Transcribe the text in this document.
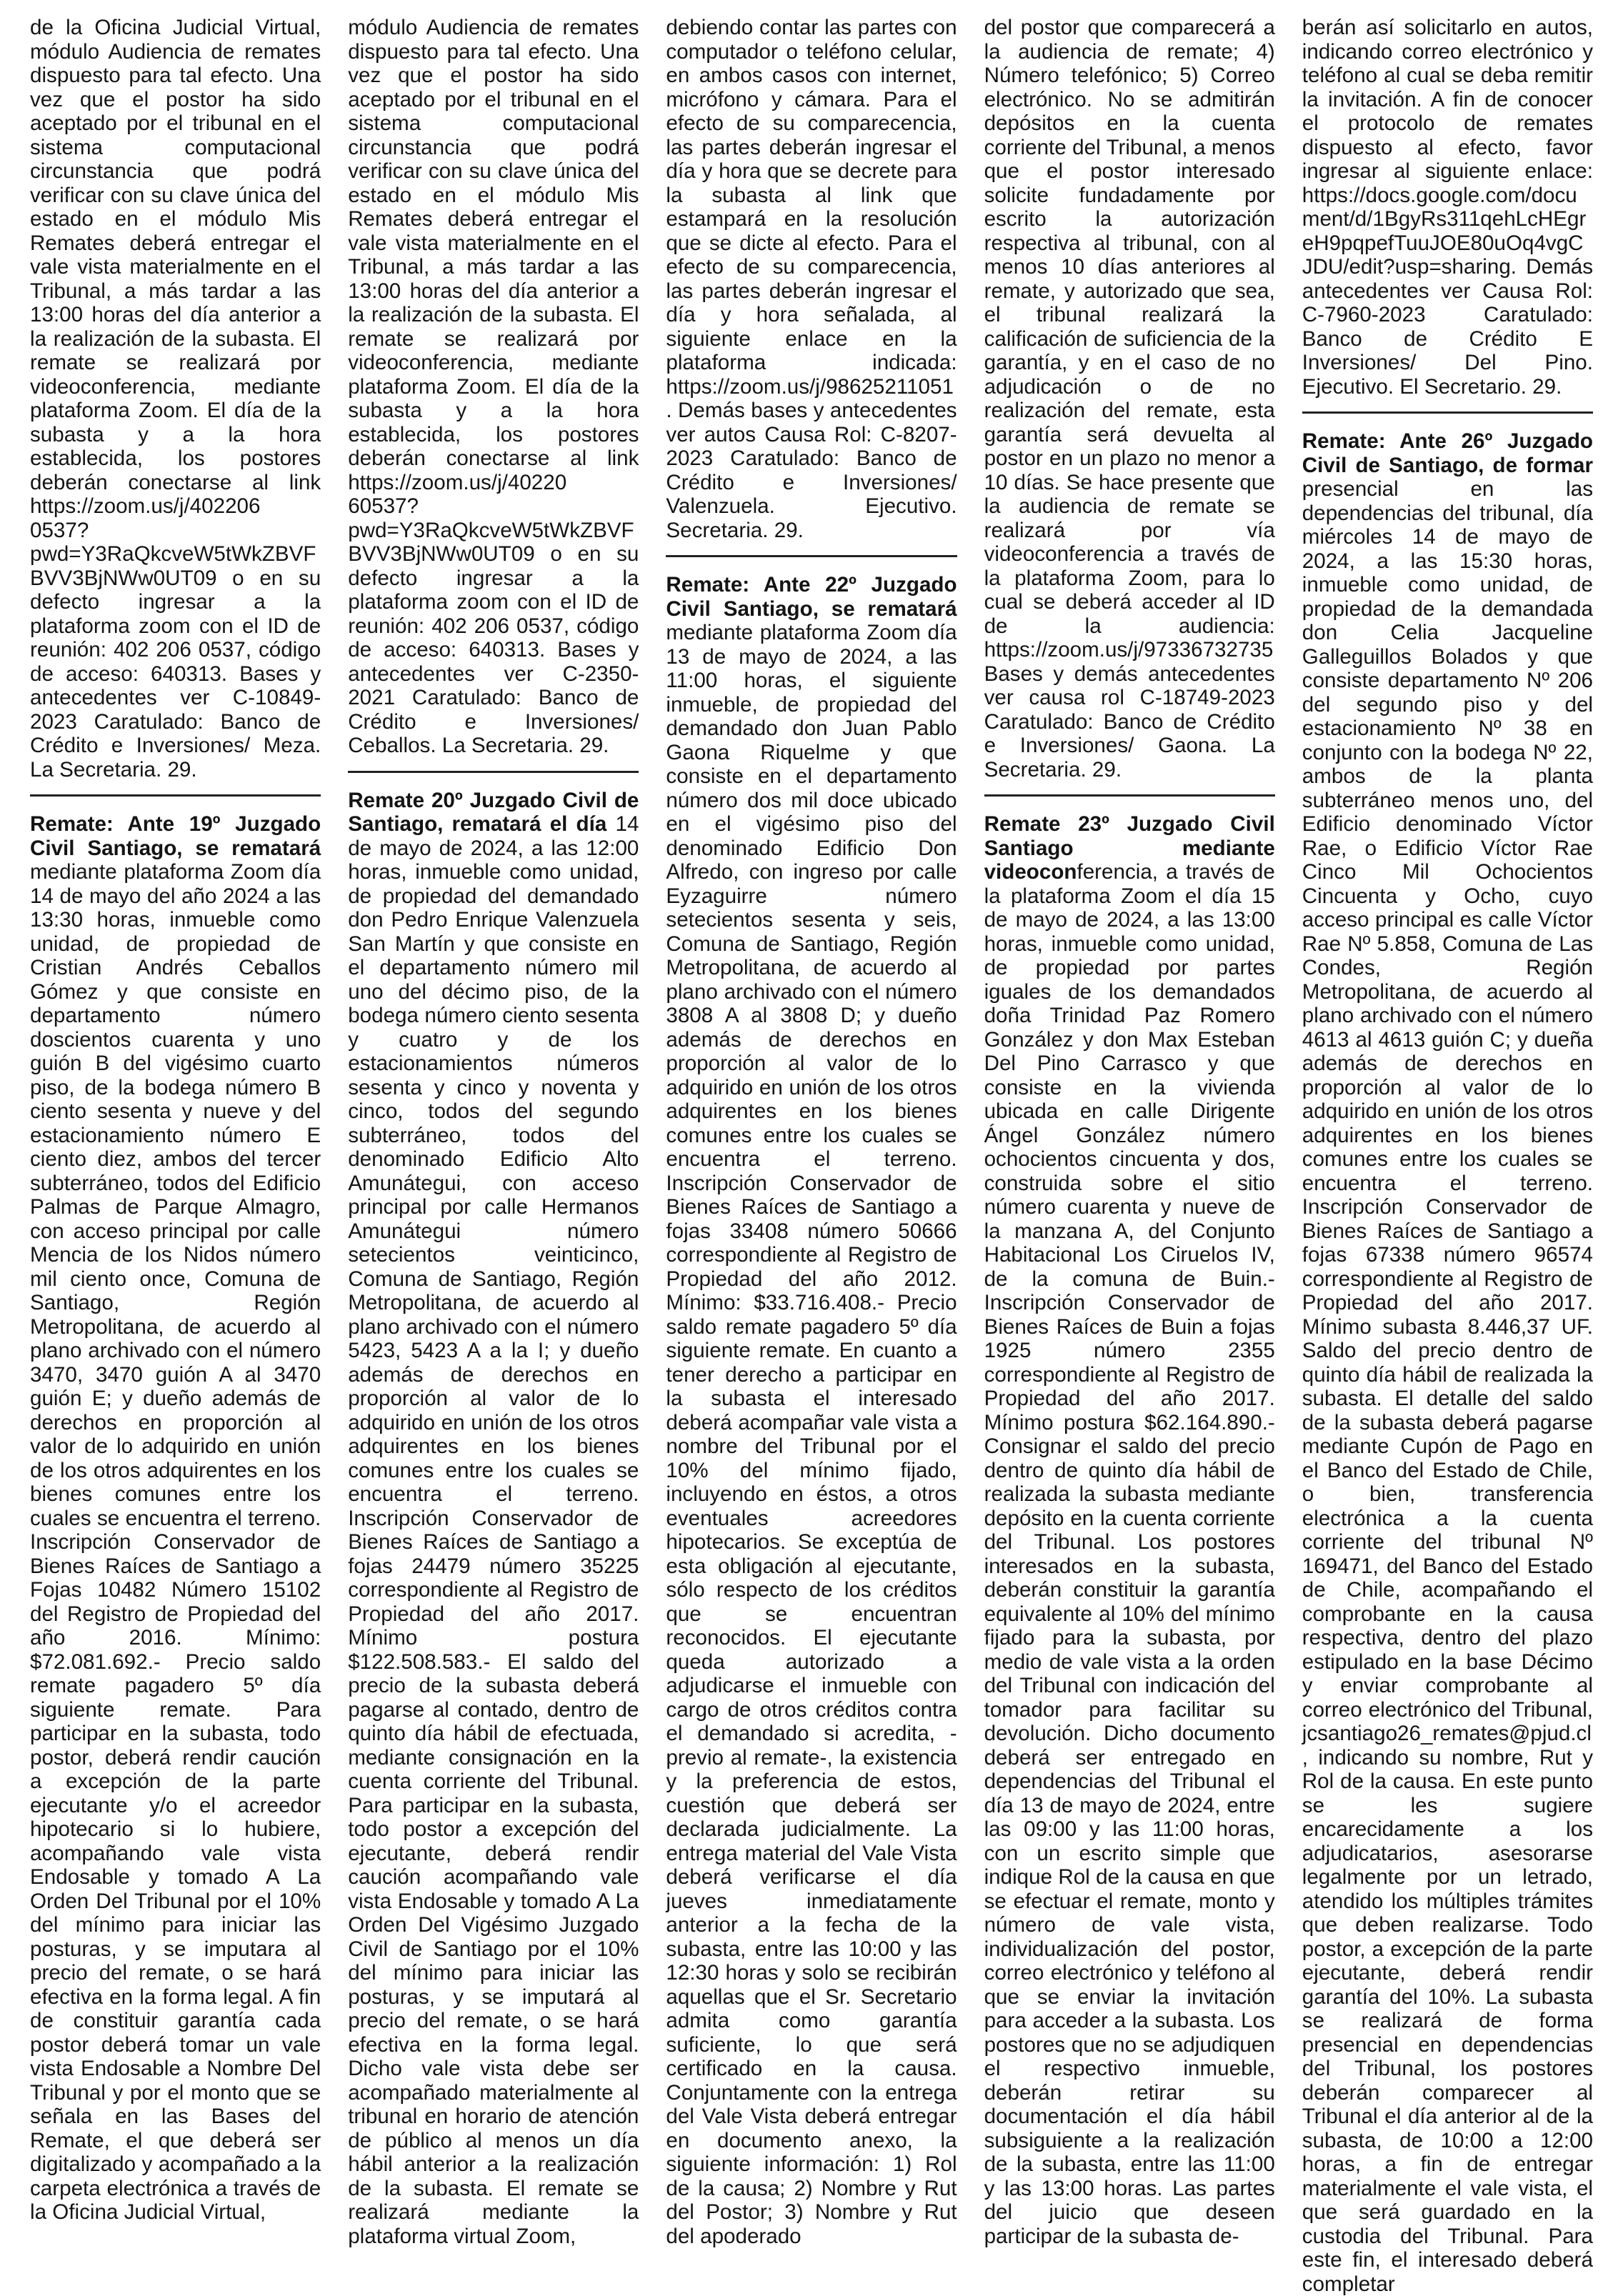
de la Oficina Judicial Virtual, módulo Audiencia de remates dispuesto para tal efecto. Una vez que el postor ha sido aceptado por el tribunal en el sistema computacional circunstancia que podrá verificar con su clave única del estado en el módulo Mis Remates deberá entregar el vale vista materialmente en el Tribunal, a más tardar a las 13:00 horas del día anterior a la realización de la subasta. El remate se realizará por videoconferencia, mediante plataforma Zoom. El día de la subasta y a la hora establecida, los postores deberán conectarse al link https://zoom.us/j/402206 0537?pwd=Y3RaQkcveW5tWkZBVFBVV3BjNWw0UT09 o en su defecto ingresar a la plataforma zoom con el ID de reunión: 402 206 0537, código de acceso: 640313. Bases y antecedentes ver C-10849-2023 Caratulado: Banco de Crédito e Inversiones/ Meza. La Secretaria. 29.

Remate: Ante 19º Juzgado Civil Santiago, se rematará mediante plataforma Zoom día 14 de mayo del año 2024 a las 13:30 horas, inmueble como unidad, de propiedad de Cristian Andrés Ceballos Gómez y que consiste en departamento número doscientos cuarenta y uno guión B del vigésimo cuarto piso, de la bodega número B ciento sesenta y nueve y del estacionamiento número E ciento diez, ambos del tercer subterráneo, todos del Edificio Palmas de Parque Almagro, con acceso principal por calle Mencia de los Nidos número mil ciento once, Comuna de Santiago, Región Metropolitana, de acuerdo al plano archivado con el número 3470, 3470 guión A al 3470 guión E; y dueño además de derechos en proporción al valor de lo adquirido en unión de los otros adquirentes en los bienes comunes entre los cuales se encuentra el terreno. Inscripción Conservador de Bienes Raíces de Santiago a Fojas 10482 Número 15102 del Registro de Propiedad del año 2016. Mínimo: $72.081.692.- Precio saldo remate pagadero 5º día siguiente remate. Para participar en la subasta, todo postor, deberá rendir caución a excepción de la parte ejecutante y/o el acreedor hipotecario si lo hubiere, acompañando vale vista Endosable y tomado A La Orden Del Tribunal por el 10% del mínimo para iniciar las posturas, y se imputara al precio del remate, o se hará efectiva en la forma legal. A fin de constituir garantía cada postor deberá tomar un vale vista Endosable a Nombre Del Tribunal y por el monto que se señala en las Bases del Remate, el que deberá ser digitalizado y acompañado a la carpeta electrónica a través de la Oficina Judicial Virtual,

módulo Audiencia de remates dispuesto para tal efecto. Una vez que el postor ha sido aceptado por el tribunal en el sistema computacional circunstancia que podrá verificar con su clave única del estado en el módulo Mis Remates deberá entregar el vale vista materialmente en el Tribunal, a más tardar a las 13:00 horas del día anterior a la realización de la subasta. El remate se realizará por videoconferencia, mediante plataforma Zoom. El día de la subasta y a la hora establecida, los postores deberán conectarse al link https://zoom.us/j/40220 60537?pwd=Y3RaQkcveW5tWkZBVFBVV3BjNWw0UT09 o en su defecto ingresar a la plataforma zoom con el ID de reunión: 402 206 0537, código de acceso: 640313. Bases y antecedentes ver C-2350-2021 Caratulado: Banco de Crédito e Inversiones/ Ceballos. La Secretaria. 29.

Remate 20º Juzgado Civil de Santiago, rematará el día 14 de mayo de 2024, a las 12:00 horas, inmueble como unidad, de propiedad del demandado don Pedro Enrique Valenzuela San Martín y que consiste en el departamento número mil uno del décimo piso, de la bodega número ciento sesenta y cuatro y de los estacionamientos números sesenta y cinco y noventa y cinco, todos del segundo subterráneo, todos del denominado Edificio Alto Amunátegui, con acceso principal por calle Hermanos Amunátegui número setecientos veinticinco, Comuna de Santiago, Región Metropolitana, de acuerdo al plano archivado con el número 5423, 5423 A a la I; y dueño además de derechos en proporción al valor de lo adquirido en unión de los otros adquirentes en los bienes comunes entre los cuales se encuentra el terreno. Inscripción Conservador de Bienes Raíces de Santiago a fojas 24479 número 35225 correspondiente al Registro de Propiedad del año 2017. Mínimo postura $122.508.583.- El saldo del precio de la subasta deberá pagarse al contado, dentro de quinto día hábil de efectuada, mediante consignación en la cuenta corriente del Tribunal. Para participar en la subasta, todo postor a excepción del ejecutante, deberá rendir caución acompañando vale vista Endosable y tomado A La Orden Del Vigésimo Juzgado Civil de Santiago por el 10% del mínimo para iniciar las posturas, y se imputará al precio del remate, o se hará efectiva en la forma legal. Dicho vale vista debe ser acompañado materialmente al tribunal en horario de atención de público al menos un día hábil anterior a la realización de la subasta. El remate se realizará mediante la plataforma virtual Zoom,

debiendo contar las partes con computador o teléfono celular, en ambos casos con internet, micrófono y cámara. Para el efecto de su comparecencia, las partes deberán ingresar el día y hora que se decrete para la subasta al link que estampará en la resolución que se dicte al efecto. Para el efecto de su comparecencia, las partes deberán ingresar el día y hora señalada, al siguiente enlace en la plataforma indicada: https://zoom.us/j/98625211051. Demás bases y antecedentes ver autos Causa Rol: C-8207-2023 Caratulado: Banco de Crédito e Inversiones/ Valenzuela. Ejecutivo. Secretaria. 29.

Remate: Ante 22º Juzgado Civil Santiago, se rematará mediante plataforma Zoom día 13 de mayo de 2024, a las 11:00 horas, el siguiente inmueble, de propiedad del demandado don Juan Pablo Gaona Riquelme y que consiste en el departamento número dos mil doce ubicado en el vigésimo piso del denominado Edificio Don Alfredo, con ingreso por calle Eyzaguirre número setecientos sesenta y seis, Comuna de Santiago, Región Metropolitana, de acuerdo al plano archivado con el número 3808 A al 3808 D; y dueño además de derechos en proporción al valor de lo adquirido en unión de los otros adquirentes en los bienes comunes entre los cuales se encuentra el terreno. Inscripción Conservador de Bienes Raíces de Santiago a fojas 33408 número 50666 correspondiente al Registro de Propiedad del año 2012. Mínimo: $33.716.408.- Precio saldo remate pagadero 5º día siguiente remate. En cuanto a tener derecho a participar en la subasta el interesado deberá acompañar vale vista a nombre del Tribunal por el 10% del mínimo fijado, incluyendo en éstos, a otros eventuales acreedores hipotecarios. Se exceptúa de esta obligación al ejecutante, sólo respecto de los créditos que se encuentran reconocidos. El ejecutante queda autorizado a adjudicarse el inmueble con cargo de otros créditos contra el demandado si acredita, -previo al remate-, la existencia y la preferencia de estos, cuestión que deberá ser declarada judicialmente. La entrega material del Vale Vista deberá verificarse el día jueves inmediatamente anterior a la fecha de la subasta, entre las 10:00 y las 12:30 horas y solo se recibirán aquellas que el Sr. Secretario admita como garantía suficiente, lo que será certificado en la causa. Conjuntamente con la entrega del Vale Vista deberá entregar en documento anexo, la siguiente información: 1) Rol de la causa; 2) Nombre y Rut del Postor; 3) Nombre y Rut del apoderado

del postor que comparecerá a la audiencia de remate; 4) Número telefónico; 5) Correo electrónico. No se admitirán depósitos en la cuenta corriente del Tribunal, a menos que el postor interesado solicite fundadamente por escrito la autorización respectiva al tribunal, con al menos 10 días anteriores al remate, y autorizado que sea, el tribunal realizará la calificación de suficiencia de la garantía, y en el caso de no adjudicación o de no realización del remate, esta garantía será devuelta al postor en un plazo no menor a 10 días. Se hace presente que la audiencia de remate se realizará por vía videoconferencia a través de la plataforma Zoom, para lo cual se deberá acceder al ID de la audiencia: https://zoom.us/j/97336732735 Bases y demás antecedentes ver causa rol C-18749-2023 Caratulado: Banco de Crédito e Inversiones/ Gaona. La Secretaria. 29.

Remate 23º Juzgado Civil Santiago mediante videoconferencia, a través de la plataforma Zoom el día 15 de mayo de 2024, a las 13:00 horas, inmueble como unidad, de propiedad por partes iguales de los demandados doña Trinidad Paz Romero González y don Max Esteban Del Pino Carrasco y que consiste en la vivienda ubicada en calle Dirigente Ángel González número ochocientos cincuenta y dos, construida sobre el sitio número cuarenta y nueve de la manzana A, del Conjunto Habitacional Los Ciruelos IV, de la comuna de Buin.- Inscripción Conservador de Bienes Raíces de Buin a fojas 1925 número 2355 correspondiente al Registro de Propiedad del año 2017. Mínimo postura $62.164.890.- Consignar el saldo del precio dentro de quinto día hábil de realizada la subasta mediante depósito en la cuenta corriente del Tribunal. Los postores interesados en la subasta, deberán constituir la garantía equivalente al 10% del mínimo fijado para la subasta, por medio de vale vista a la orden del Tribunal con indicación del tomador para facilitar su devolución. Dicho documento deberá ser entregado en dependencias del Tribunal el día 13 de mayo de 2024, entre las 09:00 y las 11:00 horas, con un escrito simple que indique Rol de la causa en que se efectuar el remate, monto y número de vale vista, individualización del postor, correo electrónico y teléfono al que se enviar la invitación para acceder a la subasta. Los postores que no se adjudiquen el respectivo inmueble, deberán retirar su documentación el día hábil subsiguiente a la realización de la subasta, entre las 11:00 y las 13:00 horas. Las partes del juicio que deseen participar de la subasta de-

berán así solicitarlo en autos, indicando correo electrónico y teléfono al cual se deba remitir la invitación. A fin de conocer el protocolo de remates dispuesto al efecto, favor ingresar al siguiente enlace: https://docs.google.com/document/d/1BgyRs311qehLcHEgreH9pqpefTuuJOE80uOq4vgCJDU/edit?usp=sharing. Demás antecedentes ver Causa Rol: C-7960-2023 Caratulado: Banco de Crédito E Inversiones/ Del Pino. Ejecutivo. El Secretario. 29.

Remate: Ante 26º Juzgado Civil de Santiago, de formar presencial en las dependencias del tribunal, día miércoles 14 de mayo de 2024, a las 15:30 horas, inmueble como unidad, de propiedad de la demandada don Celia Jacqueline Galleguillos Bolados y que consiste departamento Nº 206 del segundo piso y del estacionamiento Nº 38 en conjunto con la bodega Nº 22, ambos de la planta subterráneo menos uno, del Edificio denominado Víctor Rae, o Edificio Víctor Rae Cinco Mil Ochocientos Cincuenta y Ocho, cuyo acceso principal es calle Víctor Rae Nº 5.858, Comuna de Las Condes, Región Metropolitana, de acuerdo al plano archivado con el número 4613 al 4613 guión C; y dueña además de derechos en proporción al valor de lo adquirido en unión de los otros adquirentes en los bienes comunes entre los cuales se encuentra el terreno. Inscripción Conservador de Bienes Raíces de Santiago a fojas 67338 número 96574 correspondiente al Registro de Propiedad del año 2017. Mínimo subasta 8.446,37 UF. Saldo del precio dentro de quinto día hábil de realizada la subasta. El detalle del saldo de la subasta deberá pagarse mediante Cupón de Pago en el Banco del Estado de Chile, o bien, transferencia electrónica a la cuenta corriente del tribunal Nº 169471, del Banco del Estado de Chile, acompañando el comprobante en la causa respectiva, dentro del plazo estipulado en la base Décimo y enviar comprobante al correo electrónico del Tribunal, jcsantiago26_remates@pjud.cl, indicando su nombre, Rut y Rol de la causa. En este punto se les sugiere encarecidamente a los adjudicatarios, asesorarse legalmente por un letrado, atendido los múltiples trámites que deben realizarse. Todo postor, a excepción de la parte ejecutante, deberá rendir garantía del 10%. La subasta se realizará de forma presencial en dependencias del Tribunal, los postores deberán comparecer al Tribunal el día anterior al de la subasta, de 10:00 a 12:00 horas, a fin de entregar materialmente el vale vista, el que será guardado en la custodia del Tribunal. Para este fin, el interesado deberá completar
